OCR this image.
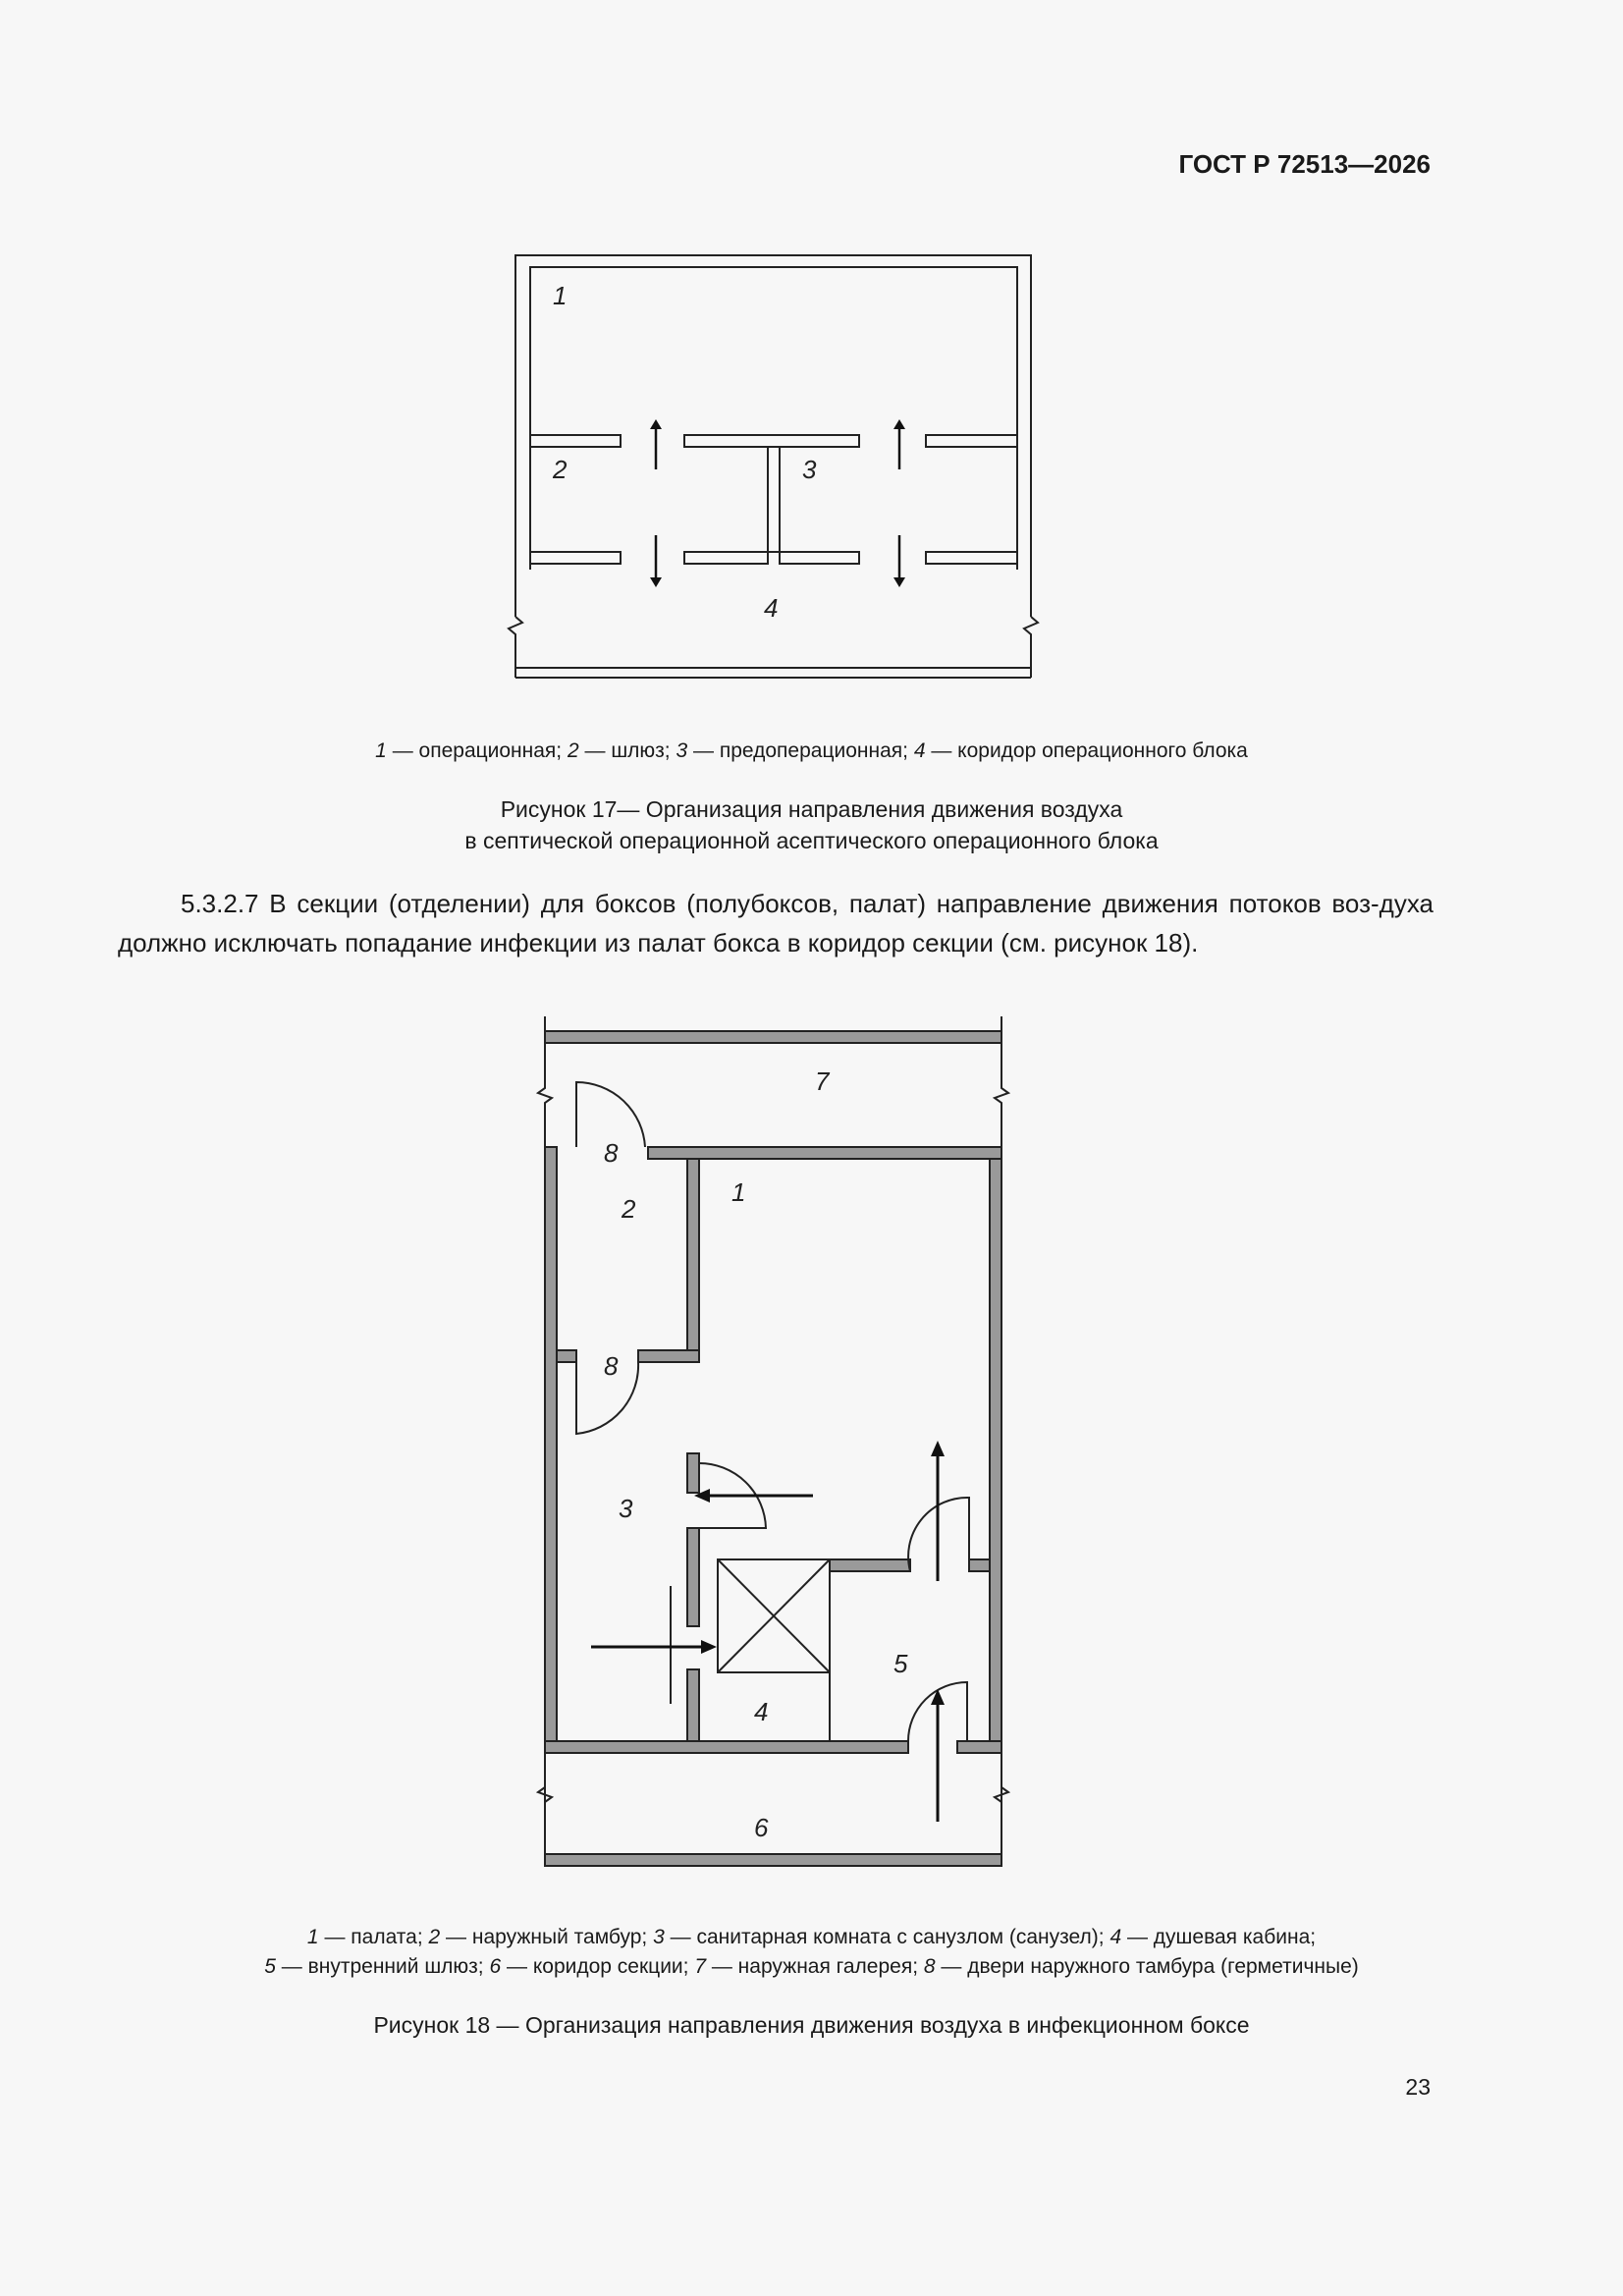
ГОСТ Р 72513—2026
1
2	3
4
1 — операционная; 2 — шлюз; 3 — предоперационная; 4 — коридор операционного блока
Рисунок 17— Организация направления движения воздуха
в септической операционной асептического операционного блока
5.3.2.7 В секции (отделении) для боксов (полубоксов, палат) направление движения потоков воз-духа должно исключать попадание инфекции из палат бокса в коридор секции (см. рисунок 18).
7
8
1
2
8
3
5
4
6
1 — палата; 2 — наружный тамбур; 3 — санитарная комната с санузлом (санузел); 4 — душевая кабина;
5 — внутренний шлюз; 6 — коридор секции; 7 — наружная галерея; 8 — двери наружного тамбура (герметичные)
Рисунок 18 — Организация направления движения воздуха в инфекционном боксе
23
